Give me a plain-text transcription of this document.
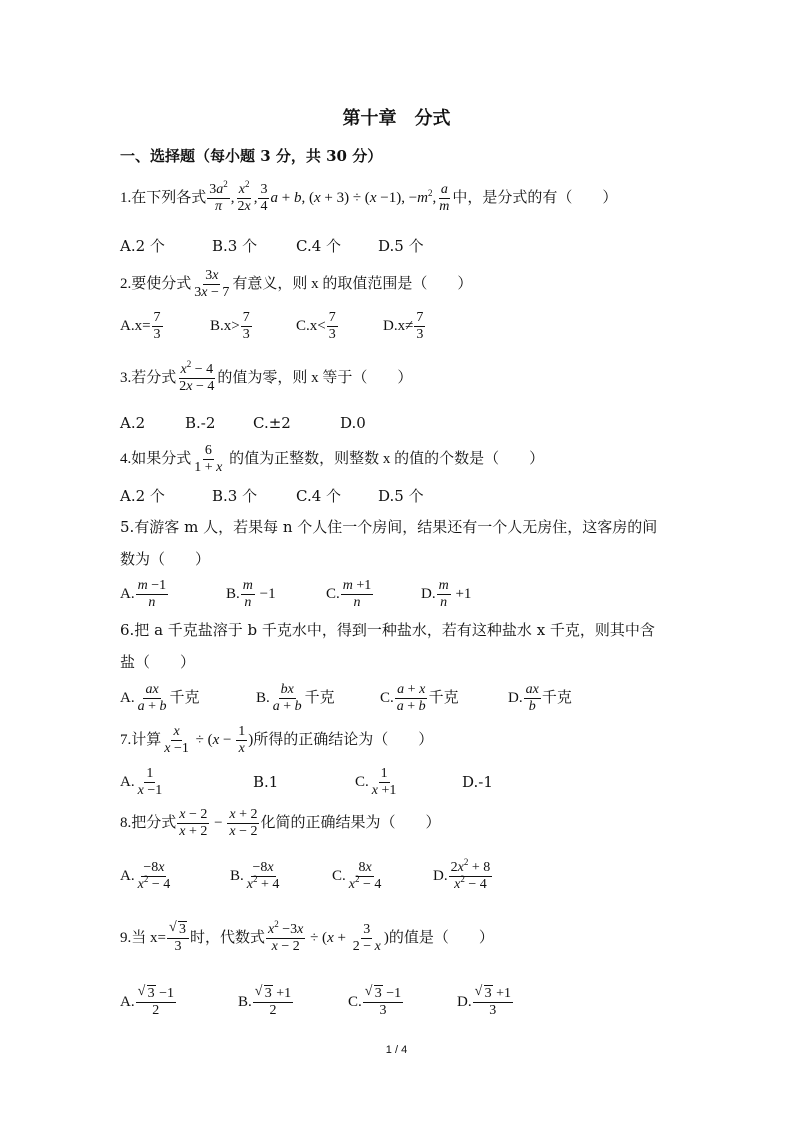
第十章　分式
一、选择题（每小题 3 分，共 30 分）
1.在下列各式 $\frac{3a^2}{\pi}$ , $\frac{x^2}{2x}$ , $\frac{3}{4}$ a + b, (x + 3) ÷ (x −1), $-m^2$, $\frac{a}{m}$ 中，是分式的有（　　）
A.2 个	B.3 个	C.4 个 D.5 个
2.要使分式 $\frac{3x}{3x - 7}$ 有意义，则 x 的取值范围是（　　）
$A.x= \frac{7}{3}$	$B.x> \frac{7}{3}$	$C.x< \frac{7}{3}$	$D.x\ne \frac{7}{3}$
3.若分式 $\frac{x^2 - 4}{2x - 4}$ 的值为零，则 x 等于（　　）
A.2	B.-2	C.±2	D.0
4.如果分式 $\frac{6}{1 + x}$ 的值为正整数，则整数 x 的值的个数是（　　）
A.2 个	B.3 个	C.4 个 D.5 个
5.有游客 m 人，若果每 n 个人住一个房间，结果还有一个人无房住，这客房的间
数为（　　）
A. $\frac{m -1}{n}$	B. $\frac{m}{n} -1$	C. $\frac{m +1}{n}$	D. $\frac{m}{n} +1$
6.把 a 千克盐溶于 b 千克水中，得到一种盐水，若有这种盐水 x 千克，则其中含
盐（　　）
A. $\frac{ax}{a + b}$ 千克	B. $\frac{bx}{a + b}$ 千克	C. $\frac{a + x}{a + b}$ 千克	D. $\frac{ax}{b}$ 千克
7.计算 $\frac{x}{x -1} \div (x - \frac{1}{x}$ )所得的正确结论为（　　）
A. $\frac{1}{x -1}$	B.1	C. $\frac{1}{x +1}$	D.-1
8.把分式 $\frac{x - 2}{x + 2} - \frac{x + 2}{x - 2}$ 化简的正确结果为（　　）
A. $\frac{-8x}{x^2 - 4}$	B. $\frac{-8x}{x^2 + 4}$	C. $\frac{8x}{x^2 - 4}$	D. $\frac{2x^2 + 8}{x^2 - 4}$
9.当 x= √ $\frac{3}{3}$ 时，代数式 $\frac{x^2 -3x}{x - 2} \div (x + \frac{3}{2 - x}$ )的值是（　　）
A. √ $\frac{3 -1}{2}$	B. √ $\frac{3 +1}{2}$	C. √ $\frac{3 -1}{3}$	D. √ $\frac{3 +1}{3}$
1 / 4
